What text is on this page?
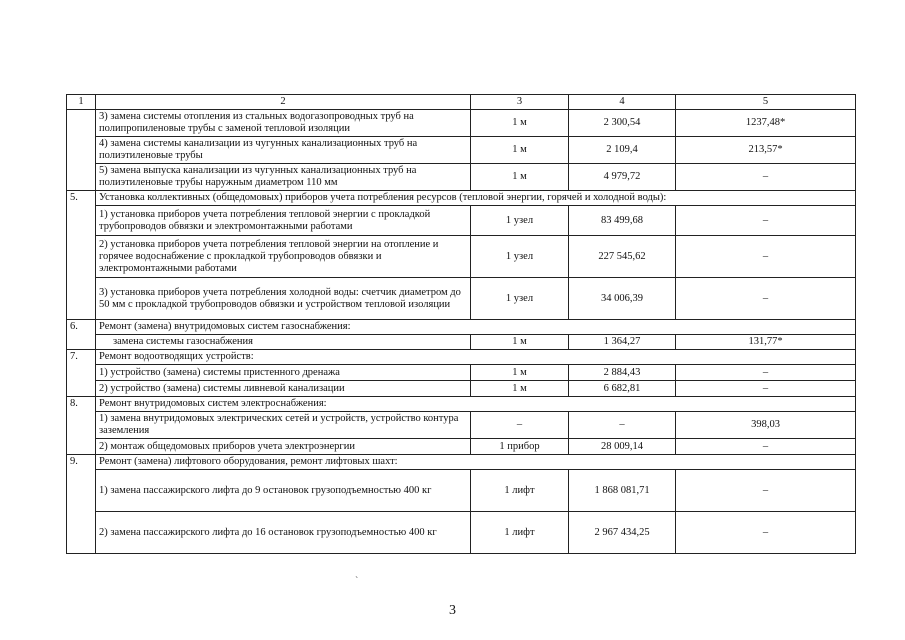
1	2	3	4	5
	3) замена системы отопления из стальных водогазопроводных труб на полипропиленовые трубы с заменой тепловой изоляции	1 м	2 300,54	1237,48*
	4) замена системы канализации из чугунных канализационных труб на полиэтиленовые трубы	1 м	2 109,4	213,57*
	5) замена выпуска канализации из чугунных канализационных труб на полиэтиленовые трубы наружным диаметром 110 мм	1 м	4 979,72	–
5.	Установка коллективных (общедомовых) приборов учета потребления ресурсов (тепловой энергии, горячей и холодной воды):			
	1) установка приборов учета потребления тепловой энергии с прокладкой трубопроводов обвязки и электромонтажными работами	1 узел	83 499,68	–
	2) установка приборов учета потребления тепловой энергии на отопление и горячее водоснабжение с прокладкой трубопроводов обвязки и электромонтажными работами	1 узел	227 545,62	–
	3) установка приборов учета потребления холодной воды: счетчик диаметром до 50 мм с прокладкой трубопроводов обвязки и устройством тепловой изоляции	1 узел	34 006,39	–
6.	Ремонт (замена) внутридомовых систем газоснабжения:			
	замена системы газоснабжения	1 м	1 364,27	131,77*
7.	Ремонт водоотводящих устройств:			
	1) устройство (замена) системы пристенного дренажа	1 м	2 884,43	–
	2) устройство (замена) системы ливневой канализации	1 м	6 682,81	–
8.	Ремонт внутридомовых систем электроснабжения:			
	1) замена внутридомовых электрических сетей и устройств, устройство контура заземления	–	–	398,03
	2) монтаж общедомовых приборов учета электроэнергии	1 прибор	28 009,14	–
9.	Ремонт (замена) лифтового оборудования, ремонт лифтовых шахт:			
	1) замена пассажирского лифта до 9 остановок грузоподъемностью 400 кг	1 лифт	1 868 081,71	–
	2) замена пассажирского лифта до 16 остановок грузоподъемностью 400 кг	1 лифт	2 967 434,25	–
3
`
